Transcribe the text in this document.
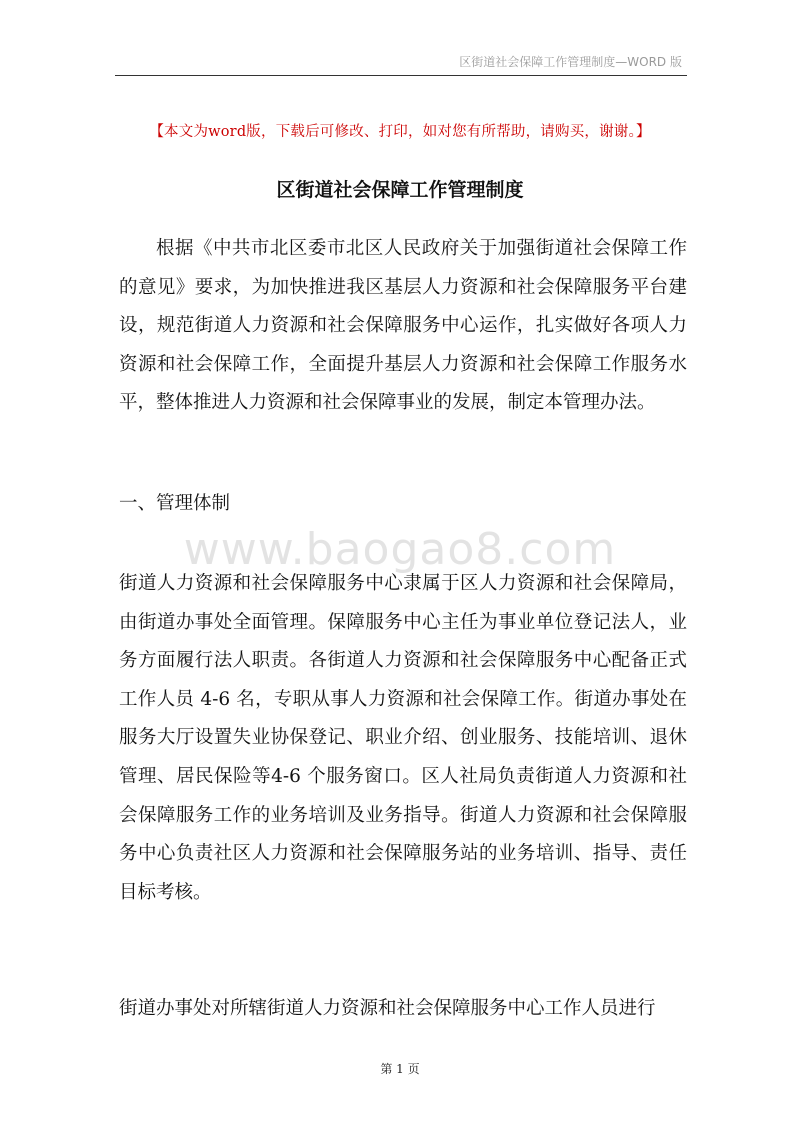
区街道社会保障工作管理制度—WORD 版
【本文为word版，下载后可修改、打印，如对您有所帮助，请购买，谢谢。】
区街道社会保障工作管理制度

根据《中共市北区委市北区人民政府关于加强街道社会保障工作的意见》要求，为加快推进我区基层人力资源和社会保障服务平台建设，规范街道人力资源和社会保障服务中心运作，扎实做好各项人力资源和社会保障工作，全面提升基层人力资源和社会保障工作服务水平，整体推进人力资源和社会保障事业的发展，制定本管理办法。

一、管理体制

www.baogao8.com

街道人力资源和社会保障服务中心隶属于区人力资源和社会保障局，由街道办事处全面管理。保障服务中心主任为事业单位登记法人，业务方面履行法人职责。各街道人力资源和社会保障服务中心配备正式工作人员 4-6 名，专职从事人力资源和社会保障工作。街道办事处在服务大厅设置失业协保登记、职业介绍、创业服务、技能培训、退休管理、居民保险等4-6 个服务窗口。区人社局负责街道人力资源和社会保障服务工作的业务培训及业务指导。街道人力资源和社会保障服务中心负责社区人力资源和社会保障服务站的业务培训、指导、责任目标考核。

街道办事处对所辖街道人力资源和社会保障服务中心工作人员进行

第 1 页
